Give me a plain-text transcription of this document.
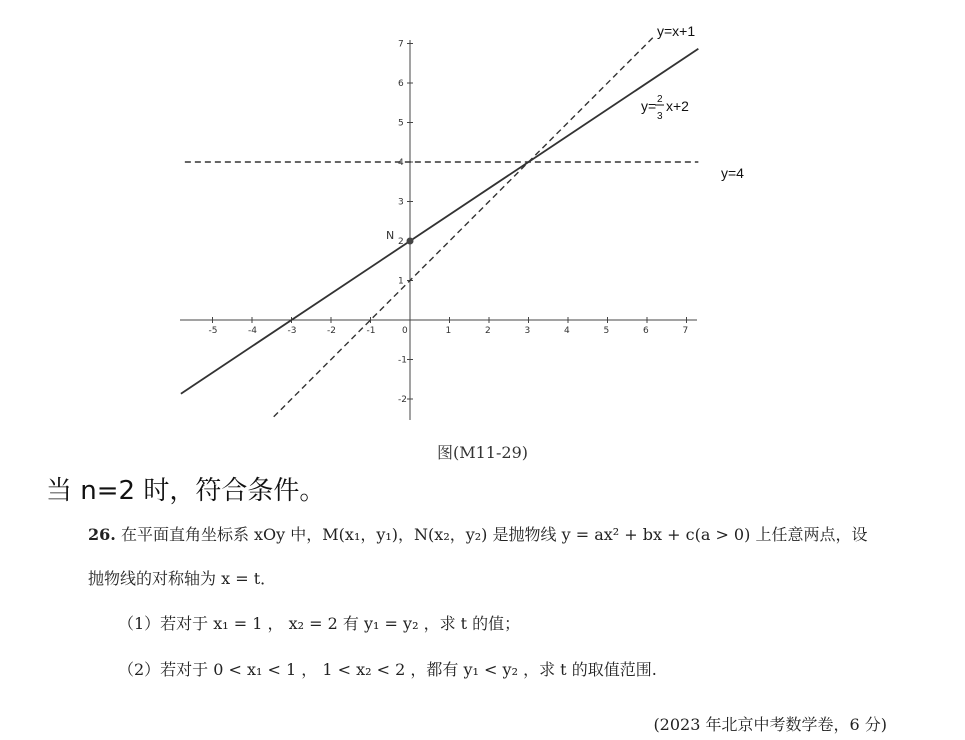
-5	-4	-3	-2	-1	0	1	2	3	4	5	6	7
-2
-1
1
2
3
4
5
6
7
N
y=x+1
y= 2
3
x+2
y=4
图(M11-29)
当 n=2 时，符合条件。
26. 在平面直角坐标系 xOy 中，M(x₁，y₁)，N(x₂，y₂) 是抛物线 y = ax² + bx + c(a > 0) 上任意两点，设
抛物线的对称轴为 x = t．
（1）若对于 x₁ = 1 ， x₂ = 2 有 y₁ = y₂ ，求 t 的值；
（2）若对于 0 < x₁ < 1 ， 1 < x₂ < 2 ，都有 y₁ < y₂ ，求 t 的取值范围.
(2023 年北京中考数学卷，6 分)
